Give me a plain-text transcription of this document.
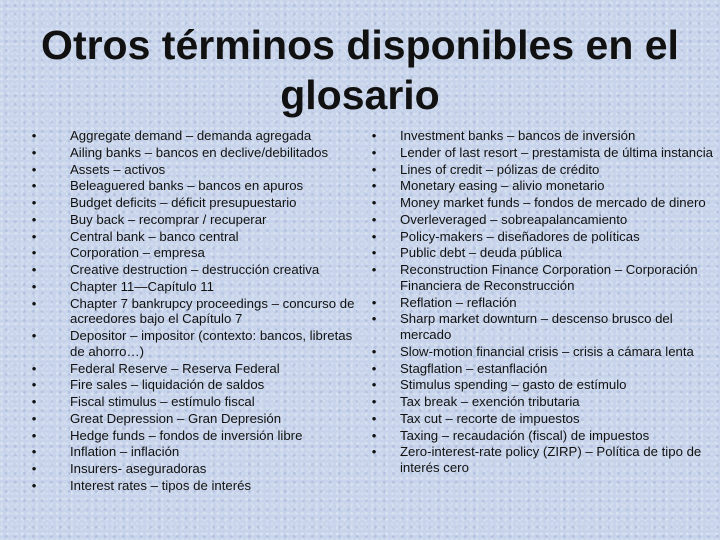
Otros términos disponibles en el glosario
•	Aggregate demand – demanda agregada
•	Ailing banks – bancos en declive/debilitados
•	Assets – activos
•	Beleaguered banks – bancos en apuros
•	Budget deficits – déficit presupuestario
•	Buy back – recomprar / recuperar
•	Central bank – banco central
•	Corporation – empresa
•	Creative destruction – destrucción creativa
•	Chapter 11—Capítulo 11
•	Chapter 7 bankrupcy proceedings – concurso de acreedores bajo el Capítulo 7
•	Depositor – impositor (contexto: bancos, libretas de ahorro…)
•	Federal Reserve – Reserva Federal
•	Fire sales – liquidación de saldos
•	Fiscal stimulus – estímulo fiscal
•	Great Depression – Gran Depresión
•	Hedge funds – fondos de inversión libre
•	Inflation – inflación
•	Insurers- aseguradoras
•	Interest rates – tipos de interés
• Investment banks – bancos de inversión
• Lender of last resort – prestamista de última instancia
• Lines of credit – pólizas de crédito
• Monetary easing – alivio monetario
• Money market funds – fondos de mercado de dinero
• Overleveraged – sobreapalancamiento
• Policy-makers – diseñadores de políticas
• Public debt – deuda pública
• Reconstruction Finance Corporation – Corporación Financiera de Reconstrucción
• Reflation – reflación
• Sharp market downturn – descenso brusco del mercado
• Slow-motion financial crisis – crisis a cámara lenta
• Stagflation – estanflación
• Stimulus spending – gasto de estímulo
• Tax break – exención tributaria
• Tax cut – recorte de impuestos
• Taxing – recaudación (fiscal) de impuestos
• Zero-interest-rate policy (ZIRP) – Política de tipo de interés cero
